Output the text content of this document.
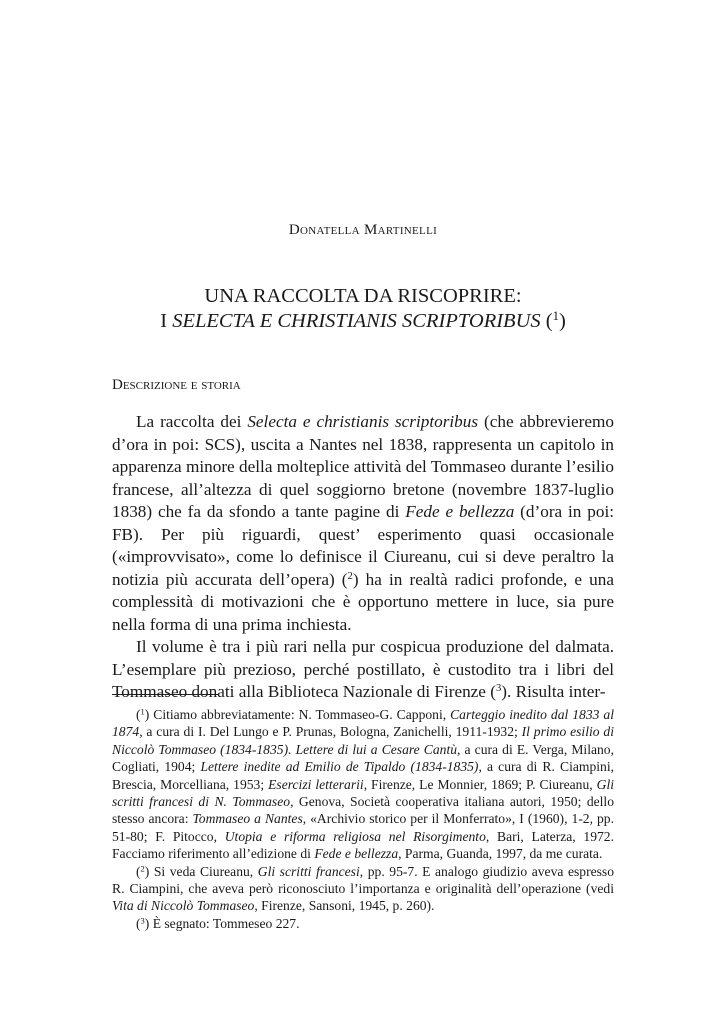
Donatella Martinelli
UNA RACCOLTA DA RISCOPRIRE:
I SELECTA E CHRISTIANIS SCRIPTORIBUS ($^1$)
Descrizione e storia

La raccolta dei Selecta e christianis scriptoribus (che abbrevieremo d’ora in poi: SCS), uscita a Nantes nel 1838, rappresenta un capitolo in apparenza minore della molteplice attività del Tommaseo durante l’esilio francese, all’altezza di quel soggiorno bretone (novembre 1837-luglio 1838) che fa da sfondo a tante pagine di Fede e bellezza (d’ora in poi: FB). Per più riguardi, quest’ esperimento quasi occasionale («improvvisato», come lo definisce il Ciureanu, cui si deve peraltro la notizia più accurata dell’opera) ($^2$) ha in realtà radici profonde, e una complessità di motivazioni che è opportuno mettere in luce, sia pure nella forma di una prima inchiesta.

Il volume è tra i più rari nella pur cospicua produzione del dalmata. L’esemplare più prezioso, perché postillato, è custodito tra i libri del Tommaseo donati alla Biblioteca Nazionale di Firenze ($^3$). Risulta inter-

($^1$) Citiamo abbreviatamente: N. Tommaseo-G. Capponi, Carteggio inedito dal 1833 al 1874, a cura di I. Del Lungo e P. Prunas, Bologna, Zanichelli, 1911-1932; Il primo esilio di Niccolò Tommaseo (1834-1835). Lettere di lui a Cesare Cantù, a cura di E. Verga, Milano, Cogliati, 1904; Lettere inedite ad Emilio de Tipaldo (1834-1835), a cura di R. Ciampini, Brescia, Morcelliana, 1953; Esercizi letterarii, Firenze, Le Monnier, 1869; P. Ciureanu, Gli scritti francesi di N. Tommaseo, Genova, Società cooperativa italiana autori, 1950; dello stesso ancora: Tommaseo a Nantes, «Archivio storico per il Monferrato», I (1960), 1-2, pp. 51-80; F. Pitocco, Utopia e riforma religiosa nel Risorgimento, Bari, Laterza, 1972. Facciamo riferimento all’edizione di Fede e bellezza, Parma, Guanda, 1997, da me curata.

($^2$) Si veda Ciureanu, Gli scritti francesi, pp. 95-7. E analogo giudizio aveva espresso R. Ciampini, che aveva però riconosciuto l’importanza e originalità dell’operazione (vedi Vita di Niccolò Tommaseo, Firenze, Sansoni, 1945, p. 260).

($^3$) È segnato: Tommeseo 227.
